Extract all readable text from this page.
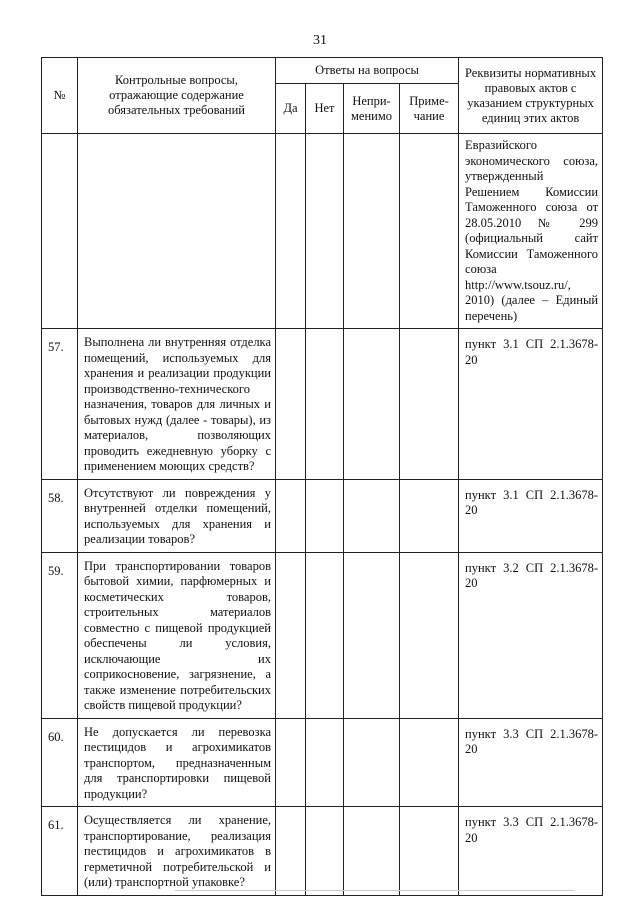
31
№	Контрольные вопросы, отражающие содержание обязательных требований	Ответы на вопросы				Реквизиты нормативных правовых актов с указанием структурных единиц этих актов
		Да	Нет	Непри-менимо	Приме-чание	
						Евразийского экономического союза, утвержденный Решением Комиссии Таможенного союза от 28.05.2010 № 299 (официальный сайт Комиссии Таможенного союза http://www.tsouz.ru/, 2010) (далее – Единый перечень)
57.	Выполнена ли внутренняя отделка помещений, используемых для хранения и реализации продукции производственно-технического назначения, товаров для личных и бытовых нужд (далее - товары), из материалов, позволяющих проводить ежедневную уборку с применением моющих средств?					пункт 3.1 СП 2.1.3678-20
58.	Отсутствуют ли повреждения у внутренней отделки помещений, используемых для хранения и реализации товаров?					пункт 3.1 СП 2.1.3678-20
59.	При транспортировании товаров бытовой химии, парфюмерных и косметических товаров, строительных материалов совместно с пищевой продукцией обеспечены ли условия, исключающие их соприкосновение, загрязнение, а также изменение потребительских свойств пищевой продукции?					пункт 3.2 СП 2.1.3678-20
60.	Не допускается ли перевозка пестицидов и агрохимикатов транспортом, предназначенным для транспортировки пищевой продукции?					пункт 3.3 СП 2.1.3678-20
61.	Осуществляется ли хранение, транспортирование, реализация пестицидов и агрохимикатов в герметичной потребительской и (или) транспортной упаковке?					пункт 3.3 СП 2.1.3678-20
